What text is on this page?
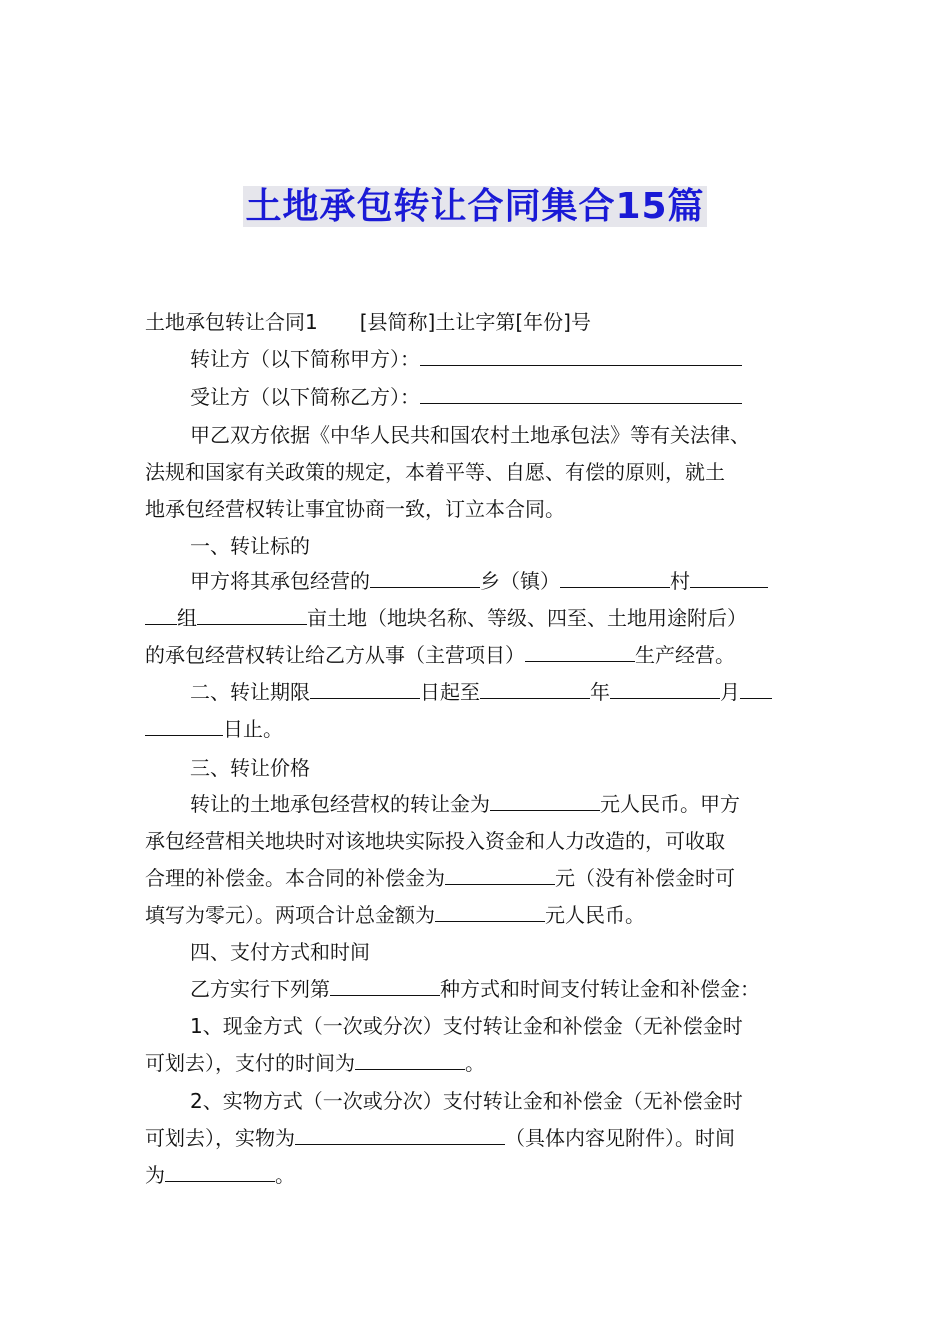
土地承包转让合同集合15篇
土地承包转让合同1 [县简称]土让字第[年份]号
转让方（以下简称甲方）：
受让方（以下简称乙方）：
甲乙双方依据《中华人民共和国农村土地承包法》等有关法律、
法规和国家有关政策的规定，本着平等、自愿、有偿的原则，就土
地承包经营权转让事宜协商一致，订立本合同。
一、转让标的
甲方将其承包经营的	乡（镇）	村
组	亩土地（地块名称、等级、四至、土地用途附后）
的承包经营权转让给乙方从事（主营项目）	生产经营。
二、转让期限	日起至	年	月
日止。
三、转让价格
转让的土地承包经营权的转让金为	元人民币。甲方
承包经营相关地块时对该地块实际投入资金和人力改造的，可收取
合理的补偿金。本合同的补偿金为	元（没有补偿金时可
填写为零元）。两项合计总金额为	元人民币。
四、支付方式和时间
乙方实行下列第	种方式和时间支付转让金和补偿金：
1、现金方式（一次或分次）支付转让金和补偿金（无补偿金时
可划去），支付的时间为	。
2、实物方式（一次或分次）支付转让金和补偿金（无补偿金时
可划去），实物为	（具体内容见附件）。时间
为	。
